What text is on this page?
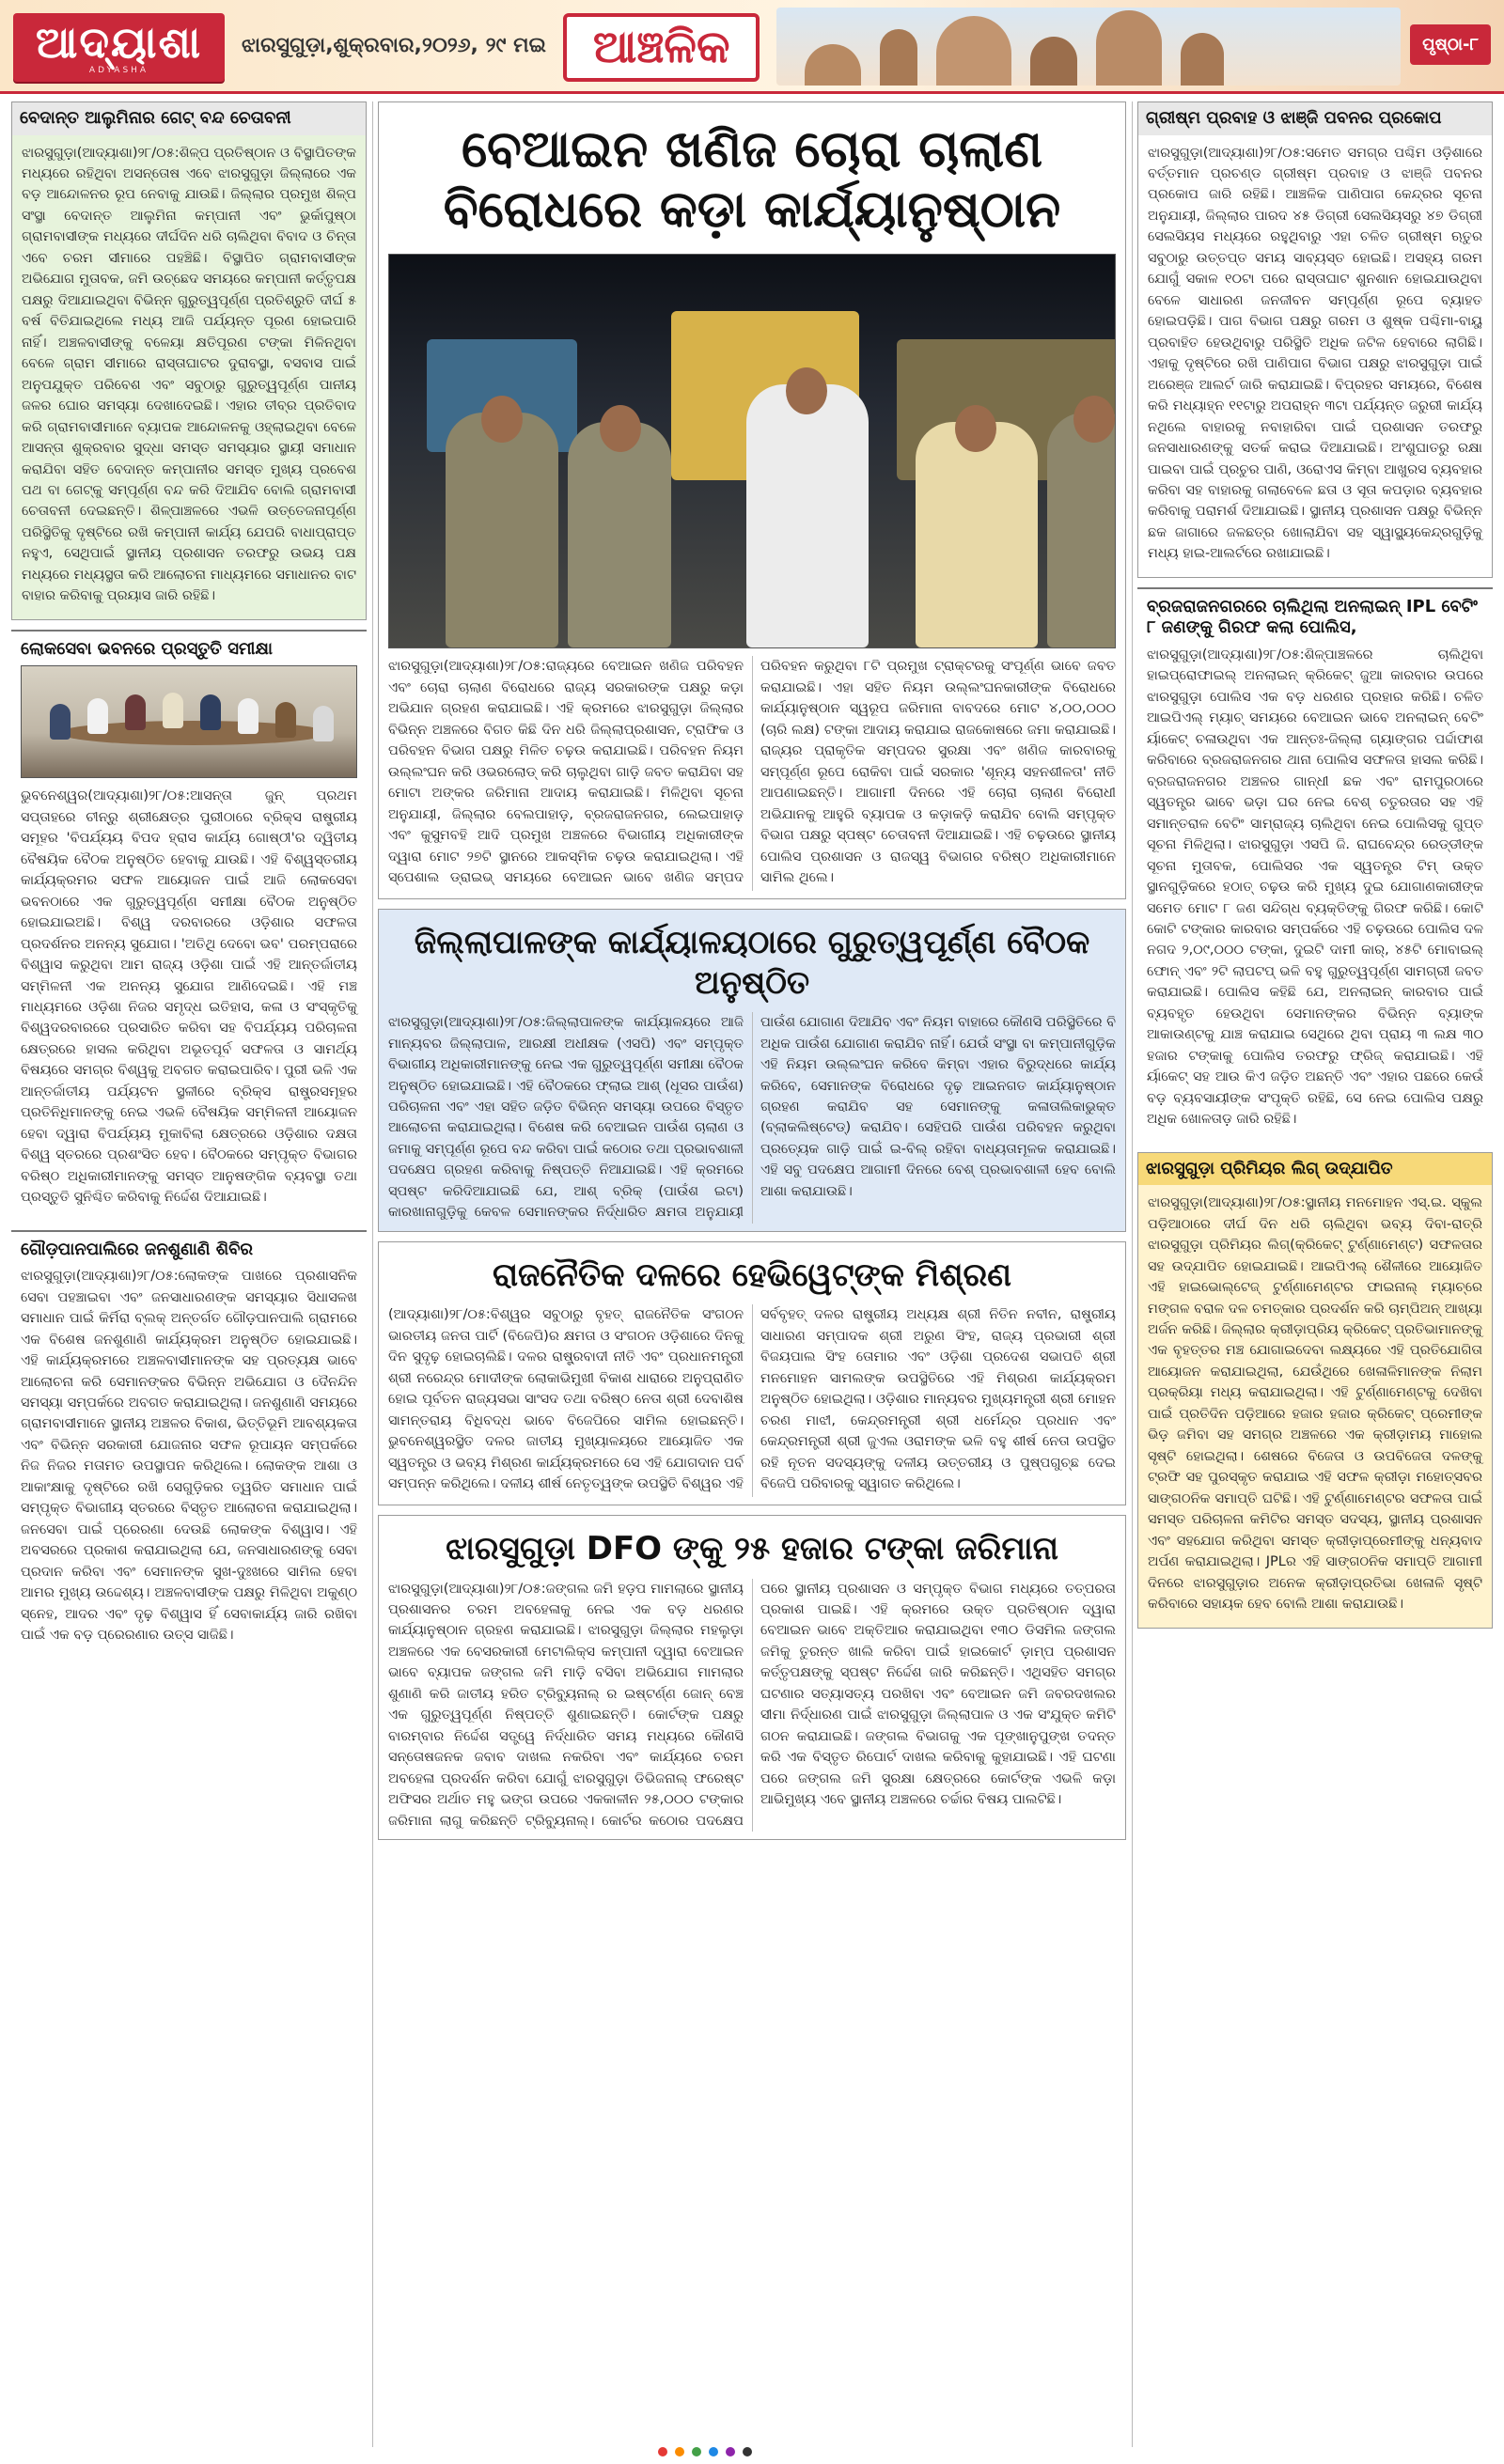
ଆଦ୍ୟାଶା
ADYASHA
ଝାରସୁଗୁଡ଼ା,ଶୁକ୍ରବାର,୨୦୨୬, ୨୯ ମଇ	ଆଞ୍ଚଳିକ	ପୃଷ୍ଠା-୮
ବେଦାନ୍ତ ଆଲୁମିନାର ଗେଟ୍ ବନ୍ଦ ଚେତାବନୀ

ଝାରସୁଗୁଡ଼ା(ଆଦ୍ୟାଶା)୨୮/୦୫:ଶିଳ୍ପ ପ୍ରତିଷ୍ଠାନ ଓ ବିସ୍ଥାପିତଙ୍କ ମଧ୍ୟରେ ରହିଥିବା ଅସନ୍ତୋଷ ଏବେ ଝାରସୁଗୁଡ଼ା ଜିଲ୍ଲାରେ ଏକ ବଡ଼ ଆନ୍ଦୋଳନର ରୂପ ନେବାକୁ ଯାଉଛି। ଜିଲ୍ଲାର ପ୍ରମୁଖ ଶିଳ୍ପ ସଂସ୍ଥା ବେଦାନ୍ତ ଆଲୁମିନା କମ୍ପାନୀ ଏବଂ ଭୁର୍କାପୁଷ୍ଠା ଗ୍ରାମବାସୀଙ୍କ ମଧ୍ୟରେ ଦୀର୍ଘଦିନ ଧରି ଚାଲିଥିବା ବିବାଦ ଓ ଚିନ୍ତା ଏବେ ଚରମ ସୀମାରେ ପହଞ୍ଚିଛି। ବିସ୍ଥାପିତ ଗ୍ରାମବାସୀଙ୍କ ଅଭିଯୋଗ ମୁତାବକ, ଜମି ଉଚ୍ଛେଦ ସମୟରେ କମ୍ପାନୀ କର୍ତ୍ତୃପକ୍ଷ ପକ୍ଷରୁ ଦିଆଯାଇଥିବା ବିଭିନ୍ନ ଗୁରୁତ୍ୱପୂର୍ଣ୍ଣ ପ୍ରତିଶ୍ରୁତି ଦୀର୍ଘ ୫ ବର୍ଷ ବିତିଯାଇଥିଲେ ମଧ୍ୟ ଆଜି ପର୍ଯ୍ୟନ୍ତ ପୂରଣ ହୋଇପାରି ନାହିଁ। ଅଞ୍ଚଳବାସୀଙ୍କୁ ବଳେୟା କ୍ଷତିପୂରଣ ଟଙ୍କା ମିଳିନଥିବା ବେଳେ ଗ୍ରାମ ସୀମାରେ ରାସ୍ତାଘାଟର ଦୁରାବସ୍ଥା, ବସବାସ ପାଇଁ ଅନୁପଯୁକ୍ତ ପରିବେଶ ଏବଂ ସବୁଠାରୁ ଗୁରୁତ୍ୱପୂର୍ଣ୍ଣ ପାନୀୟ ଜଳର ଘୋର ସମସ୍ୟା ଦେଖାଦେଇଛି। ଏହାର ତୀବ୍ର ପ୍ରତିବାଦ କରି ଗ୍ରାମବାସୀମାନେ ବ୍ୟାପକ ଆନ୍ଦୋଳନକୁ ଓହ୍ଲାଇଥିବା ବେଳେ ଆସନ୍ତା ଶୁକ୍ରବାର ସୁଦ୍ଧା ସମସ୍ତ ସମସ୍ୟାର ସ୍ଥାୟୀ ସମାଧାନ କରାଯିବା ସହିତ ବେଦାନ୍ତ କମ୍ପାନୀର ସମସ୍ତ ମୁଖ୍ୟ ପ୍ରବେଶ ପଥ ବା ଗେଟ୍‌କୁ ସମ୍ପୂର୍ଣ୍ଣ ବନ୍ଦ କରି ଦିଆଯିବ ବୋଲି ଗ୍ରାମବାସୀ ଚେତାବନୀ ଦେଇଛନ୍ତି। ଶିଳ୍ପାଞ୍ଚଳରେ ଏଭଳି ଉତ୍ତେଜନାପୂର୍ଣ୍ଣ ପରିସ୍ଥିତିକୁ ଦୃଷ୍ଟିରେ ରଖି କମ୍ପାନୀ କାର୍ଯ୍ୟ ଯେପରି ବାଧାପ୍ରାପ୍ତ ନହୁଏ, ସେଥିପାଇଁ ସ୍ଥାନୀୟ ପ୍ରଶାସନ ତରଫରୁ ଉଭୟ ପକ୍ଷ ମଧ୍ୟରେ ମଧ୍ୟସ୍ଥତା କରି ଆଲୋଚନା ମାଧ୍ୟମରେ ସମାଧାନର ବାଟ ବାହାର କରିବାକୁ ପ୍ରୟାସ ଜାରି ରହିଛି।

ଲୋକସେବା ଭବନରେ ପ୍ରସ୍ତୁତି ସମୀକ୍ଷା

ଭୁବନେଶ୍ୱର(ଆଦ୍ୟାଶା)୨୮/୦୫:ଆସନ୍ତା ଜୁନ୍ ପ୍ରଥମ ସପ୍ତାହରେ ଚୀନ୍‌ରୁ ଶ୍ରୀକ୍ଷେତ୍ର ପୁରୀଠାରେ ବ୍ରିକ୍ସ ରାଷ୍ଟ୍ରୀୟ ସମୂହର 'ବିପର୍ଯ୍ୟୟ ବିପଦ ହ୍ରାସ କାର୍ଯ୍ୟ ଗୋଷ୍ଠୀ'ର ଦ୍ୱିତୀୟ ବୈଷୟିକ ବୈଠକ ଅନୁଷ୍ଠିତ ହେବାକୁ ଯାଉଛି। ଏହି ବିଶ୍ୱସ୍ତରୀୟ କାର୍ଯ୍ୟକ୍ରମର ସଫଳ ଆୟୋଜନ ପାଇଁ ଆଜି ଲୋକସେବା ଭବନଠାରେ ଏକ ଗୁରୁତ୍ୱପୂର୍ଣ୍ଣ ସମୀକ୍ଷା ବୈଠକ ଅନୁଷ୍ଠିତ ହୋଇଯାଇଅଛି। ବିଶ୍ୱ ଦରବାରରେ ଓଡ଼ିଶାର ସଫଳତା ପ୍ରଦର୍ଶନର ଅନନ୍ୟ ସୁଯୋଗ। 'ଅତିଥି ଦେବୋ ଭବ' ପରମ୍ପରାରେ ବିଶ୍ୱାସ କରୁଥିବା ଆମ ରାଜ୍ୟ ଓଡ଼ିଶା ପାଇଁ ଏହି ଆନ୍ତର୍ଜାତୀୟ ସମ୍ମିଳନୀ ଏକ ଅନନ୍ୟ ସୁଯୋଗ ଆଣିଦେଇଛି। ଏହି ମଞ୍ଚ ମାଧ୍ୟମରେ ଓଡ଼ିଶା ନିଜର ସମୃଦ୍ଧ ଇତିହାସ, କଳା ଓ ସଂସ୍କୃତିକୁ ବିଶ୍ୱଦରବାରରେ ପ୍ରସାରିତ କରିବା ସହ ବିପର୍ଯ୍ୟୟ ପରିଚାଳନା କ୍ଷେତ୍ରରେ ହାସଲ କରିଥିବା ଅଭୂତପୂର୍ବ ସଫଳତା ଓ ସାମର୍ଥ୍ୟ ବିଷୟରେ ସମଗ୍ର ବିଶ୍ୱକୁ ଅବଗତ କରାଇପାରିବ। ପୁରୀ ଭଳି ଏକ ଆନ୍ତର୍ଜାତୀୟ ପର୍ଯ୍ୟଟନ ସ୍ଥଳୀରେ ବ୍ରିକ୍ସ ରାଷ୍ଟ୍ରସମୂହର ପ୍ରତିନିଧିମାନଙ୍କୁ ନେଇ ଏଭଳି ବୈଷୟିକ ସମ୍ମିଳନୀ ଆୟୋଜନ ହେବା ଦ୍ୱାରା ବିପର୍ଯ୍ୟୟ ମୁକାବିଲା କ୍ଷେତ୍ରରେ ଓଡ଼ିଶାର ଦକ୍ଷତା ବିଶ୍ୱ ସ୍ତରରେ ପ୍ରଶଂସିତ ହେବ। ବୈଠକରେ ସମ୍ପୃକ୍ତ ବିଭାଗର ବରିଷ୍ଠ ଅଧିକାରୀମାନଙ୍କୁ ସମସ୍ତ ଆନୁଷଙ୍ଗିକ ବ୍ୟବସ୍ଥା ତଥା ପ୍ରସ୍ତୁତି ସୁନିଶ୍ଚିତ କରିବାକୁ ନିର୍ଦ୍ଦେଶ ଦିଆଯାଇଛି।

ଗୌଡ଼ପାନପାଲିରେ ଜନଶୁଣାଣି ଶିବିର

ଝାରସୁଗୁଡ଼ା(ଆଦ୍ୟାଶା)୨୮/୦୫:ଲୋକଙ୍କ ପାଖରେ ପ୍ରଶାସନିକ ସେବା ପହଞ୍ଚାଇବା ଏବଂ ଜନସାଧାରଣଙ୍କ ସମସ୍ୟାର ସିଧାସଳଖ ସମାଧାନ ପାଇଁ କିର୍ମିରା ବ୍ଲକ୍ ଅନ୍ତର୍ଗତ ଗୌଡ଼ପାନପାଲି ଗ୍ରାମରେ ଏକ ବିଶେଷ ଜନଶୁଣାଣି କାର୍ଯ୍ୟକ୍ରମ ଅନୁଷ୍ଠିତ ହୋଇଯାଇଛି। ଏହି କାର୍ଯ୍ୟକ୍ରମରେ ଅଞ୍ଚଳବାସୀମାନଙ୍କ ସହ ପ୍ରତ୍ୟକ୍ଷ ଭାବେ ଆଲୋଚନା କରି ସେମାନଙ୍କର ବିଭିନ୍ନ ଅଭିଯୋଗ ଓ ଦୈନନ୍ଦିନ ସମସ୍ୟା ସମ୍ପର୍କରେ ଅବଗତ କରାଯାଇଥିଲା। ଜନଶୁଣାଣି ସମୟରେ ଗ୍ରାମବାସୀମାନେ ସ୍ଥାନୀୟ ଅଞ୍ଚଳର ବିକାଶ, ଭିତ୍ତିଭୂମି ଆବଶ୍ୟକତା ଏବଂ ବିଭିନ୍ନ ସରକାରୀ ଯୋଜନାର ସଫଳ ରୂପାୟନ ସମ୍ପର୍କରେ ନିଜ ନିଜର ମତାମତ ଉପସ୍ଥାପନ କରିଥିଲେ। ଲୋକଙ୍କ ଆଶା ଓ ଆକାଂକ୍ଷାକୁ ଦୃଷ୍ଟିରେ ରଖି ସେଗୁଡ଼ିକର ତ୍ୱରିତ ସମାଧାନ ପାଇଁ ସମ୍ପୃକ୍ତ ବିଭାଗୀୟ ସ୍ତରରେ ବିସ୍ତୃତ ଆଲୋଚନା କରାଯାଇଥିଲା। ଜନସେବା ପାଇଁ ପ୍ରେରଣା ଦେଉଛି ଲୋକଙ୍କ ବିଶ୍ୱାସ। ଏହି ଅବସରରେ ପ୍ରକାଶ କରାଯାଇଥିଲା ଯେ, ଜନସାଧାରଣଙ୍କୁ ସେବା ପ୍ରଦାନ କରିବା ଏବଂ ସେମାନଙ୍କ ସୁଖ-ଦୁଃଖରେ ସାମିଲ ହେବା ଆମର ମୁଖ୍ୟ ଉଦ୍ଦେଶ୍ୟ। ଅଞ୍ଚଳବାସୀଙ୍କ ପକ୍ଷରୁ ମିଳିଥିବା ଅକୁଣ୍ଠ ସ୍ନେହ, ଆଦର ଏବଂ ଦୃଢ଼ ବିଶ୍ୱାସ ହିଁ ସେବାକାର୍ଯ୍ୟ ଜାରି ରଖିବା ପାଇଁ ଏକ ବଡ଼ ପ୍ରେରଣାର ଉତ୍ସ ସାଜିଛି।

ବେଆଇନ ଖଣିଜ ଚୋରା ଚାଲାଣ
ବିରୋଧରେ କଡ଼ା କାର୍ଯ୍ୟାନୁଷ୍ଠାନ

ଝାରସୁଗୁଡ଼ା(ଆଦ୍ୟାଶା)୨୮/୦୫:ରାଜ୍ୟରେ ବେଆଇନ ଖଣିଜ ପରିବହନ ଏବଂ ଚୋରା ଚାଲାଣ ବିରୋଧରେ ରାଜ୍ୟ ସରକାରଙ୍କ ପକ୍ଷରୁ କଡ଼ା ଅଭିଯାନ ଗ୍ରହଣ କରାଯାଇଛି। ଏହି କ୍ରମରେ ଝାରସୁଗୁଡ଼ା ଜିଲ୍ଲାର ବିଭିନ୍ନ ଅଞ୍ଚଳରେ ବିଗତ କିଛି ଦିନ ଧରି ଜିଲ୍ଲାପ୍ରଶାସନ, ଟ୍ରାଫିକ ଓ ପରିବହନ ବିଭାଗ ପକ୍ଷରୁ ମିଳିତ ଚଢ଼ଉ କରାଯାଇଛି। ପରିବହନ ନିୟମ ଉଲ୍ଲଂଘନ କରି ଓଭରଲୋଡ୍ କରି ଚାଲୁଥିବା ଗାଡ଼ି ଜବତ କରାଯିବା ସହ ମୋଟା ଅଙ୍କର ଜରିମାନା ଆଦାୟ କରାଯାଇଛି। ମିଳିଥିବା ସୂଚନା ଅନୁଯାୟୀ, ଜିଲ୍ଲାର ବେଲପାହାଡ଼, ବ୍ରଜରାଜନଗର, ଲେଇପାହାଡ଼ ଏବଂ କୁସୁମବହି ଆଦି ପ୍ରମୁଖ ଅଞ୍ଚଳରେ ବିଭାଗୀୟ ଅଧିକାରୀଙ୍କ ଦ୍ୱାରା ମୋଟ ୨୭ଟି ସ୍ଥାନରେ ଆକସ୍ମିକ ଚଢ଼ଉ କରାଯାଇଥିଲା। ଏହି ସ୍ପେଶାଲ ଡ୍ରାଇଭ୍ ସମୟରେ ବେଆଇନ ଭାବେ ଖଣିଜ ସମ୍ପଦ ପରିବହନ କରୁଥିବା ୮ଟି ପ୍ରମୁଖ ଟ୍ରାକ୍ଟରକୁ ସଂପୂର୍ଣ୍ଣ ଭାବେ ଜବତ କରାଯାଇଛି। ଏହା ସହିତ ନିୟମ ଉଲ୍ଲଂଘନକାରୀଙ୍କ ବିରୋଧରେ କାର୍ଯ୍ୟାନୁଷ୍ଠାନ ସ୍ୱରୂପ ଜରିମାନା ବାବଦରେ ମୋଟ ୪,୦୦,୦୦୦ (ଚାରି ଲକ୍ଷ) ଟଙ୍କା ଆଦାୟ କରାଯାଇ ରାଜକୋଷରେ ଜମା କରାଯାଇଛି। ରାଜ୍ୟର ପ୍ରାକୃତିକ ସମ୍ପଦର ସୁରକ୍ଷା ଏବଂ ଖଣିଜ କାରବାରକୁ ସମ୍ପୂର୍ଣ୍ଣ ରୂପେ ରୋକିବା ପାଇଁ ସରକାର 'ଶୂନ୍ୟ ସହନଶୀଳତା' ନୀତି ଆପଣାଇଛନ୍ତି। ଆଗାମୀ ଦିନରେ ଏହି ଚୋରା ଚାଲାଣ ବିରୋଧୀ ଅଭିଯାନକୁ ଆହୁରି ବ୍ୟାପକ ଓ କଡ଼ାକଡ଼ି କରାଯିବ ବୋଲି ସମ୍ପୃକ୍ତ ବିଭାଗ ପକ୍ଷରୁ ସ୍ପଷ୍ଟ ଚେତାବନୀ ଦିଆଯାଇଛି। ଏହି ଚଢ଼ଉରେ ସ୍ଥାନୀୟ ପୋଲିସ ପ୍ରଶାସନ ଓ ରାଜସ୍ୱ ବିଭାଗର ବରିଷ୍ଠ ଅଧିକାରୀମାନେ ସାମିଲ ଥିଲେ।

ଜିଲ୍ଲାପାଳଙ୍କ କାର୍ଯ୍ୟାଳୟଠାରେ ଗୁରୁତ୍ୱପୂର୍ଣ୍ଣ ବୈଠକ ଅନୁଷ୍ଠିତ

ଝାରସୁଗୁଡ଼ା(ଆଦ୍ୟାଶା)୨୮/୦୫:ଜିଲ୍ଲାପାଳଙ୍କ କାର୍ଯ୍ୟାଳୟରେ ଆଜି ମାନ୍ୟବର ଜିଲ୍ଲାପାଳ, ଆରକ୍ଷୀ ଅଧୀକ୍ଷକ (ଏସପି) ଏବଂ ସମ୍ପୃକ୍ତ ବିଭାଗୀୟ ଅଧିକାରୀମାନଙ୍କୁ ନେଇ ଏକ ଗୁରୁତ୍ୱପୂର୍ଣ୍ଣ ସମୀକ୍ଷା ବୈଠକ ଅନୁଷ୍ଠିତ ହୋଇଯାଇଛି। ଏହି ବୈଠକରେ ଫ୍ଲାଇ ଆଶ୍ (ଧୂସର ପାଉଁଶ) ପରିଚାଳନା ଏବଂ ଏହା ସହିତ ଜଡ଼ିତ ବିଭିନ୍ନ ସମସ୍ୟା ଉପରେ ବିସ୍ତୃତ ଆଲୋଚନା କରାଯାଇଥିଲା। ବିଶେଷ କରି ବେଆଇନ ପାଉଁଶ ଚାଲାଣ ଓ ଜମାକୁ ସମ୍ପୂର୍ଣ୍ଣ ରୂପେ ବନ୍ଦ କରିବା ପାଇଁ କଠୋର ତଥା ପ୍ରଭାବଶାଳୀ ପଦକ୍ଷେପ ଗ୍ରହଣ କରିବାକୁ ନିଷ୍ପତ୍ତି ନିଆଯାଇଛି। ଏହି କ୍ରମରେ ସ୍ପଷ୍ଟ କରିଦିଆଯାଇଛି ଯେ, ଆଶ୍ ବ୍ରିକ୍ (ପାଉଁଶ ଇଟା) କାରଖାନାଗୁଡ଼ିକୁ କେବଳ ସେମାନଙ୍କର ନିର୍ଦ୍ଧାରିତ କ୍ଷମତା ଅନୁଯାୟୀ ପାଉଁଶ ଯୋଗାଣ ଦିଆଯିବ ଏବଂ ନିୟମ ବାହାରେ କୌଣସି ପରିସ୍ଥିତିରେ ବି ଅଧିକ ପାଉଁଶ ଯୋଗାଣ କରାଯିବ ନାହିଁ। ଯେଉଁ ସଂସ୍ଥା ବା କମ୍ପାନୀଗୁଡ଼ିକ ଏହି ନିୟମ ଉଲ୍ଲଂଘନ କରିବେ କିମ୍ବା ଏହାର ବିରୁଦ୍ଧରେ କାର୍ଯ୍ୟ କରିବେ, ସେମାନଙ୍କ ବିରୋଧରେ ଦୃଢ଼ ଆଇନଗତ କାର୍ଯ୍ୟାନୁଷ୍ଠାନ ଗ୍ରହଣ କରାଯିବ ସହ ସେମାନଙ୍କୁ କଳାତାଲିକାଭୁକ୍ତ (ବ୍ଲାକଲିଷ୍ଟେଡ୍) କରାଯିବ। ସେହିପରି ପାଉଁଶ ପରିବହନ କରୁଥିବା ପ୍ରତ୍ୟେକ ଗାଡ଼ି ପାଇଁ ଇ-ବିଲ୍ ରହିବା ବାଧ୍ୟତାମୂଳକ କରାଯାଇଛି। ଏହି ସବୁ ପଦକ୍ଷେପ ଆଗାମୀ ଦିନରେ ବେଶ୍ ପ୍ରଭାବଶାଳୀ ହେବ ବୋଲି ଆଶା କରାଯାଉଛି।

ରାଜନୈତିକ ଦଳରେ ହେଭିୱେଟ୍‌ଙ୍କ ମିଶ୍ରଣ

(ଆଦ୍ୟାଶା)୨୮/୦୫:ବିଶ୍ୱର ସବୁଠାରୁ ବୃହତ୍ ରାଜନୈତିକ ସଂଗଠନ ଭାରତୀୟ ଜନତା ପାର୍ଟି (ବିଜେପି)ର କ୍ଷମତା ଓ ସଂଗଠନ ଓଡ଼ିଶାରେ ଦିନକୁ ଦିନ ସୁଦୃଢ଼ ହୋଇଚାଲିଛି। ଦଳର ରାଷ୍ଟ୍ରବାଦୀ ନୀତି ଏବଂ ପ୍ରଧାନମନ୍ତ୍ରୀ ଶ୍ରୀ ନରେନ୍ଦ୍ର ମୋଦୀଙ୍କ ଲୋକାଭିମୁଖୀ ବିକାଶ ଧାରାରେ ଅନୁପ୍ରାଣିତ ହୋଇ ପୂର୍ବତନ ରାଜ୍ୟସଭା ସାଂସଦ ତଥା ବରିଷ୍ଠ ନେତା ଶ୍ରୀ ଦେବାଶିଷ ସାମନ୍ତରାୟ ବିଧିବଦ୍ଧ ଭାବେ ବିଜେପିରେ ସାମିଲ ହୋଇଛନ୍ତି। ଭୁବନେଶ୍ୱରସ୍ଥିତ ଦଳର ଜାତୀୟ ମୁଖ୍ୟାଳୟରେ ଆୟୋଜିତ ଏକ ସ୍ୱତନ୍ତ୍ର ଓ ଭବ୍ୟ ମିଶ୍ରଣ କାର୍ଯ୍ୟକ୍ରମରେ ସେ ଏହି ଯୋଗଦାନ ପର୍ବ ସମ୍ପନ୍ନ କରିଥିଲେ। ଦଳୀୟ ଶୀର୍ଷ ନେତୃତ୍ୱଙ୍କ ଉପସ୍ଥିତି ବିଶ୍ୱର ଏହି ସର୍ବବୃହତ୍ ଦଳର ରାଷ୍ଟ୍ରୀୟ ଅଧ୍ୟକ୍ଷ ଶ୍ରୀ ନିତିନ ନବୀନ, ରାଷ୍ଟ୍ରୀୟ ସାଧାରଣ ସମ୍ପାଦକ ଶ୍ରୀ ଅରୁଣ ସିଂହ, ରାଜ୍ୟ ପ୍ରଭାରୀ ଶ୍ରୀ ବିଜୟପାଲ ସିଂହ ତୋମାର ଏବଂ ଓଡ଼ିଶା ପ୍ରଦେଶ ସଭାପତି ଶ୍ରୀ ମନମୋହନ ସାମଲଙ୍କ ଉପସ୍ଥିତିରେ ଏହି ମିଶ୍ରଣ କାର୍ଯ୍ୟକ୍ରମ ଅନୁଷ୍ଠିତ ହୋଇଥିଲା। ଓଡ଼ିଶାର ମାନ୍ୟବର ମୁଖ୍ୟମନ୍ତ୍ରୀ ଶ୍ରୀ ମୋହନ ଚରଣ ମାଝୀ, କେନ୍ଦ୍ରମନ୍ତ୍ରୀ ଶ୍ରୀ ଧର୍ମେନ୍ଦ୍ର ପ୍ରଧାନ ଏବଂ କେନ୍ଦ୍ରମନ୍ତ୍ରୀ ଶ୍ରୀ ଜୁଏଲ ଓରାମଙ୍କ ଭଳି ବହୁ ଶୀର୍ଷ ନେତା ଉପସ୍ଥିତ ରହି ନୂତନ ସଦସ୍ୟଙ୍କୁ ଦଳୀୟ ଉତ୍ତରୀୟ ଓ ପୁଷ୍ପଗୁଚ୍ଛ ଦେଇ ବିଜେପି ପରିବାରକୁ ସ୍ୱାଗତ କରିଥିଲେ।

ଝାରସୁଗୁଡ଼ା DFO ଙ୍କୁ ୨୫ ହଜାର ଟଙ୍କା ଜରିମାନା

ଝାରସୁଗୁଡ଼ା(ଆଦ୍ୟାଶା)୨୮/୦୫:ଜଙ୍ଗଲ ଜମି ହଡ଼ପ ମାମଲାରେ ସ୍ଥାନୀୟ ପ୍ରଶାସନର ଚରମ ଅବହେଳାକୁ ନେଇ ଏକ ବଡ଼ ଧରଣର କାର୍ଯ୍ୟାନୁଷ୍ଠାନ ଗ୍ରହଣ କରାଯାଇଛି। ଝାରସୁଗୁଡ଼ା ଜିଲ୍ଲାର ମହଲୁଡ଼ା ଅଞ୍ଚଳରେ ଏକ ବେସରକାରୀ ମେଟାଲିକ୍ସ କମ୍ପାନୀ ଦ୍ୱାରା ବେଆଇନ ଭାବେ ବ୍ୟାପକ ଜଙ୍ଗଲ ଜମି ମାଡ଼ି ବସିବା ଅଭିଯୋଗ ମାମଲାର ଶୁଣାଣି କରି ଜାତୀୟ ହରିତ ଟ୍ରିବ୍ୟୁନାଲ୍ ର ଇଷ୍ଟର୍ଣ୍ଣ ଜୋନ୍ ବେଞ୍ଚ ଏକ ଗୁରୁତ୍ୱପୂର୍ଣ୍ଣ ନିଷ୍ପତ୍ତି ଶୁଣାଇଛନ୍ତି। କୋର୍ଟଙ୍କ ପକ୍ଷରୁ ବାରମ୍ବାର ନିର୍ଦ୍ଦେଶ ସତ୍ତ୍ୱେ ନିର୍ଦ୍ଧାରିତ ସମୟ ମଧ୍ୟରେ କୌଣସି ସନ୍ତୋଷଜନକ ଜବାବ ଦାଖଲ ନକରିବା ଏବଂ କାର୍ଯ୍ୟରେ ଚରମ ଅବହେଳା ପ୍ରଦର୍ଶନ କରିବା ଯୋଗୁଁ ଝାରସୁଗୁଡ଼ା ଡିଭିଜନାଲ୍ ଫରେଷ୍ଟ ଅଫିସର ଅର୍ଥାତ ମହୁ ଭଙ୍ଗ ଉପରେ ଏକକାଳୀନ ୨୫,୦୦୦ ଟଙ୍କାର ଜରିମାନା ଲାଗୁ କରିଛନ୍ତି ଟ୍ରିବ୍ୟୁନାଲ୍। କୋର୍ଟର କଠୋର ପଦକ୍ଷେପ ପରେ ସ୍ଥାନୀୟ ପ୍ରଶାସନ ଓ ସମ୍ପୃକ୍ତ ବିଭାଗ ମଧ୍ୟରେ ତତ୍ପରତା ପ୍ରକାଶ ପାଇଛି। ଏହି କ୍ରମରେ ଉକ୍ତ ପ୍ରତିଷ୍ଠାନ ଦ୍ୱାରା ବେଆଇନ ଭାବେ ଅକ୍ତିଆର କରାଯାଇଥିବା ୧୩୦ ଡିସମିଲ ଜଙ୍ଗଲ ଜମିକୁ ତୁରନ୍ତ ଖାଲି କରିବା ପାଇଁ ହାଇକୋର୍ଟ ଡ଼ାମ୍ପ ପ୍ରଶାସନ କର୍ତ୍ତୃପକ୍ଷଙ୍କୁ ସ୍ପଷ୍ଟ ନିର୍ଦ୍ଦେଶ ଜାରି କରିଛନ୍ତି। ଏଥିସହିତ ସମଗ୍ର ଘଟଣାର ସତ୍ୟାସତ୍ୟ ପରଖିବା ଏବଂ ବେଆଇନ ଜମି ଜବରଦଖଲର ସୀମା ନିର୍ଦ୍ଧାରଣ ପାଇଁ ଝାରସୁଗୁଡ଼ା ଜିଲ୍ଲାପାଳ ଓ ଏକ ସଂଯୁକ୍ତ କମିଟି ଗଠନ କରାଯାଇଛି। ଜଙ୍ଗଲ ବିଭାଗକୁ ଏକ ପୂଙ୍ଖାନୁପୁଙ୍ଖ ତଦନ୍ତ କରି ଏକ ବିସ୍ତୃତ ରିପୋର୍ଟ ଦାଖଲ କରିବାକୁ କୁହାଯାଇଛି। ଏହି ଘଟଣା ପରେ ଜଙ୍ଗଲ ଜମି ସୁରକ୍ଷା କ୍ଷେତ୍ରରେ କୋର୍ଟଙ୍କ ଏଭଳି କଡ଼ା ଆଭିମୁଖ୍ୟ ଏବେ ସ୍ଥାନୀୟ ଅଞ୍ଚଳରେ ଚର୍ଚ୍ଚାର ବିଷୟ ପାଲଟିଛି।

ଗ୍ରୀଷ୍ମ ପ୍ରବାହ ଓ ଝାଞ୍ଜି ପବନର ପ୍ରକୋପ

ଝାରସୁଗୁଡ଼ା(ଆଦ୍ୟାଶା)୨୮/୦୫:ସମେତ ସମଗ୍ର ପଶ୍ଚିମ ଓଡ଼ିଶାରେ ବର୍ତ୍ତମାନ ପ୍ରଚଣ୍ଡ ଗ୍ରୀଷ୍ମ ପ୍ରବାହ ଓ ଝାଞ୍ଜି ପବନର ପ୍ରକୋପ ଜାରି ରହିଛି। ଆଞ୍ଚଳିକ ପାଣିପାଗ କେନ୍ଦ୍ରର ସୂଚନା ଅନୁଯାୟୀ, ଜିଲ୍ଲାର ପାରଦ ୪୫ ଡିଗ୍ରୀ ସେଲସିୟସରୁ ୪୭ ଡିଗ୍ରୀ ସେଲସିୟସ ମଧ୍ୟରେ ରହୁଥିବାରୁ ଏହା ଚଳିତ ଗ୍ରୀଷ୍ମ ଋତୁର ସବୁଠାରୁ ଉତ୍ତପ୍ତ ସମୟ ସାବ୍ୟସ୍ତ ହୋଇଛି। ଅସହ୍ୟ ଗରମ ଯୋଗୁଁ ସକାଳ ୧୦ଟା ପରେ ରାସ୍ତାଘାଟ ଶୁନଶାନ ହୋଇଯାଉଥିବା ବେଳେ ସାଧାରଣ ଜନଜୀବନ ସମ୍ପୂର୍ଣ୍ଣ ରୂପେ ବ୍ୟାହତ ହୋଇପଡ଼ିଛି। ପାଗ ବିଭାଗ ପକ୍ଷରୁ ଗରମ ଓ ଶୁଷ୍କ ପଶ୍ଚିମା-ବାୟୁ ପ୍ରବାହିତ ହେଉଥିବାରୁ ପରିସ୍ଥିତି ଅଧିକ ଜଟିଳ ହେବାରେ ଲାଗିଛି। ଏହାକୁ ଦୃଷ୍ଟିରେ ରଖି ପାଣିପାଗ ବିଭାଗ ପକ୍ଷରୁ ଝାରସୁଗୁଡ଼ା ପାଇଁ ଅରେଞ୍ଜ ଆଲର୍ଟ ଜାରି କରାଯାଇଛି। ବିପ୍ରହର ସମୟରେ, ବିଶେଷ କରି ମଧ୍ୟାହ୍ନ ୧୧ଟାରୁ ଅପରାହ୍ନ ୩ଟା ପର୍ଯ୍ୟନ୍ତ ଜରୁରୀ କାର୍ଯ୍ୟ ନଥିଲେ ବାହାରକୁ ନବାହାରିବା ପାଇଁ ପ୍ରଶାସନ ତରଫରୁ ଜନସାଧାରଣଙ୍କୁ ସତର୍କ କରାଇ ଦିଆଯାଇଛି। ଅଂଶୁଘାତରୁ ରକ୍ଷା ପାଇବା ପାଇଁ ପ୍ରଚୁର ପାଣି, ଓରୋଏସ କିମ୍ବା ଆଖୁରସ ବ୍ୟବହାର କରିବା ସହ ବାହାରକୁ ଗଲାବେଳେ ଛତା ଓ ସୂତା କପଡ଼ାର ବ୍ୟବହାର କରିବାକୁ ପରାମର୍ଶ ଦିଆଯାଇଛି। ସ୍ଥାନୀୟ ପ୍ରଶାସନ ପକ୍ଷରୁ ବିଭିନ୍ନ ଛକ ଜାଗାରେ ଜଳଛତ୍ର ଖୋଲାଯିବା ସହ ସ୍ୱାସ୍ଥ୍ୟକେନ୍ଦ୍ରଗୁଡ଼ିକୁ ମଧ୍ୟ ହାଇ-ଆଲର୍ଟରେ ରଖାଯାଇଛି।

ବ୍ରଜରାଜନଗରରେ ଚାଲିଥିଲା ଅନଲାଇନ୍ IPL ବେଟିଂ ୮ ଜଣଙ୍କୁ ଗିରଫ କଲା ପୋଲିସ,

ଝାରସୁଗୁଡ଼ା(ଆଦ୍ୟାଶା)୨୮/୦୫:ଶିଳ୍ପାଞ୍ଚଳରେ ଚାଲିଥିବା ହାଇପ୍ରୋଫାଇଲ୍ ଅନଲାଇନ୍ କ୍ରିକେଟ୍ ଜୁଆ କାରବାର ଉପରେ ଝାରସୁଗୁଡ଼ା ପୋଲିସ ଏକ ବଡ଼ ଧରଣର ପ୍ରହାର କରିଛି। ଚଳିତ ଆଇପିଏଲ୍ ମ୍ୟାଚ୍ ସମୟରେ ବେଆଇନ ଭାବେ ଅନଲାଇନ୍ ବେଟିଂ ର୍ୟାକେଟ୍ ଚଳାଉଥିବା ଏକ ଆନ୍ତଃ-ଜିଲ୍ଲା ଗ୍ୟାଙ୍ଗର ପର୍ଦ୍ଦାଫାଶ କରିବାରେ ବ୍ରଜରାଜନଗର ଥାନା ପୋଲିସ ସଫଳତା ହାସଲ କରିଛି। ବ୍ରଜରାଜନଗର ଅଞ୍ଚଳର ଗାନ୍ଧୀ ଛକ ଏବଂ ରାମପୁରଠାରେ ସ୍ୱତନ୍ତ୍ର ଭାବେ ଭଡ଼ା ଘର ନେଇ ବେଶ୍ ଚତୁରତାର ସହ ଏହି ସମାନ୍ତରାଳ ବେଟିଂ ସାମ୍ରାଜ୍ୟ ଚାଲିଥିବା ନେଇ ପୋଲିସକୁ ଗୁପ୍ତ ସୂଚନା ମିଳିଥିଲା। ଝାରସୁଗୁଡ଼ା ଏସପି ଜି. ରାଘବେନ୍ଦ୍ର ରେଡ୍ଡୀଙ୍କ ସୂଚନା ମୁତାବକ, ପୋଲିସର ଏକ ସ୍ୱତନ୍ତ୍ର ଟିମ୍ ଉକ୍ତ ସ୍ଥାନଗୁଡ଼ିକରେ ହଠାତ୍ ଚଢ଼ଉ କରି ମୁଖ୍ୟ ଦୁଇ ଯୋଗାଣକାରୀଙ୍କ ସମେତ ମୋଟ ୮ ଜଣ ସନ୍ଦିଗ୍ଧ ବ୍ୟକ୍ତିଙ୍କୁ ଗିରଫ କରିଛି। କୋଟି କୋଟି ଟଙ୍କାର କାରବାର ସମ୍ପର୍କରେ ଏହି ଚଢ଼ଉରେ ପୋଲିସ ଦଳ ନଗଦ ୨,୦୯,୦୦୦ ଟଙ୍କା, ଦୁଇଟି ଦାମୀ କାର୍, ୪୫ଟି ମୋବାଇଲ୍ ଫୋନ୍ ଏବଂ ୨ଟି ଲାପଟପ୍ ଭଳି ବହୁ ଗୁରୁତ୍ୱପୂର୍ଣ୍ଣ ସାମଗ୍ରୀ ଜବତ କରାଯାଇଛି। ପୋଲିସ କହିଛି ଯେ, ଅନଲାଇନ୍ କାରବାର ପାଇଁ ବ୍ୟବହୃତ ହେଉଥିବା ସେମାନଙ୍କର ବିଭିନ୍ନ ବ୍ୟାଙ୍କ ଆକାଉଣ୍ଟକୁ ଯାଞ୍ଚ କରାଯାଇ ସେଥିରେ ଥିବା ପ୍ରାୟ ୩ ଲକ୍ଷ ୩୦ ହଜାର ଟଙ୍କାକୁ ପୋଲିସ ତରଫରୁ ଫ୍ରିଜ୍ କରାଯାଇଛି। ଏହି ର୍ୟାକେଟ୍ ସହ ଆଉ କିଏ ଜଡ଼ିତ ଅଛନ୍ତି ଏବଂ ଏହାର ପଛରେ କେଉଁ ବଡ଼ ବ୍ୟବସାୟୀଙ୍କ ସଂପୃକ୍ତି ରହିଛି, ସେ ନେଇ ପୋଲିସ ପକ୍ଷରୁ ଅଧିକ ଖୋଳତାଡ଼ ଜାରି ରହିଛି।

ଝାରସୁଗୁଡ଼ା ପ୍ରିମିୟର ଲିଗ୍ ଉଦ୍‌ଯାପିତ

ଝାରସୁଗୁଡ଼ା(ଆଦ୍ୟାଶା)୨୮/୦୫:ସ୍ଥାନୀୟ ମନମୋହନ ଏସ୍.ଇ. ସ୍କୁଲ ପଡ଼ିଆଠାରେ ଦୀର୍ଘ ଦିନ ଧରି ଚାଲିଥିବା ଭବ୍ୟ ଦିବା-ରାତ୍ରି ଝାରସୁଗୁଡ଼ା ପ୍ରିମିୟର ଲିଗ୍(କ୍ରିକେଟ୍ ଟୁର୍ଣ୍ଣାମେଣ୍ଟ) ସଫଳତାର ସହ ଉଦ୍‌ଯାପିତ ହୋଇଯାଇଛି। ଆଇପିଏଲ୍ ଶୈଳୀରେ ଆୟୋଜିତ ଏହି ହାଇଭୋଲ୍ଟେଜ୍ ଟୁର୍ଣ୍ଣାମେଣ୍ଟର ଫାଇନାଲ୍ ମ୍ୟାଚ୍‌ରେ ମଙ୍ଗଳ ବରାଳ ଦଳ ଚମତ୍କାର ପ୍ରଦର୍ଶନ କରି ଚାମ୍ପିଅନ୍ ଆଖ୍ୟା ଅର୍ଜନ କରିଛି। ଜିଲ୍ଲାର କ୍ରୀଡ଼ାପ୍ରିୟ କ୍ରିକେଟ୍ ପ୍ରତିଭାମାନଙ୍କୁ ଏକ ବୃହତ୍ତର ମଞ୍ଚ ଯୋଗାଇଦେବା ଲକ୍ଷ୍ୟରେ ଏହି ପ୍ରତିଯୋଗିତା ଆୟୋଜନ କରାଯାଇଥିଲା, ଯେଉଁଥିରେ ଖେଳାଳିମାନଙ୍କ ନିଲାମ ପ୍ରକ୍ରିୟା ମଧ୍ୟ କରାଯାଇଥିଲା। ଏହି ଟୁର୍ଣ୍ଣାମେଣ୍ଟକୁ ଦେଖିବା ପାଇଁ ପ୍ରତିଦିନ ପଡ଼ିଆରେ ହଜାର ହଜାର କ୍ରିକେଟ୍ ପ୍ରେମୀଙ୍କ ଭିଡ଼ ଜମିବା ସହ ସମଗ୍ର ଅଞ୍ଚଳରେ ଏକ କ୍ରୀଡ଼ାମୟ ମାହୋଲ ସୃଷ୍ଟି ହୋଇଥିଲା। ଶେଷରେ ବିଜେତା ଓ ଉପବିଜେତା ଦଳଙ୍କୁ ଟ୍ରଫି ସହ ପୁରସ୍କୃତ କରାଯାଇ ଏହି ସଫଳ କ୍ରୀଡ଼ା ମହୋତ୍ସବର ସାଙ୍ଗଠନିକ ସମାପ୍ତି ଘଟିଛି। ଏହି ଟୁର୍ଣ୍ଣାମେଣ୍ଟର ସଫଳତା ପାଇଁ ସମସ୍ତ ପରିଚାଳନା କମିଟିର ସମସ୍ତ ସଦସ୍ୟ, ସ୍ଥାନୀୟ ପ୍ରଶାସନ ଏବଂ ସହଯୋଗ କରିଥିବା ସମସ୍ତ କ୍ରୀଡ଼ାପ୍ରେମୀଙ୍କୁ ଧନ୍ୟବାଦ ଅର୍ପଣ କରାଯାଇଥିଲା। JPLର ଏହି ସାଙ୍ଗଠନିକ ସମାପ୍ତି ଆଗାମୀ ଦିନରେ ଝାରସୁଗୁଡ଼ାର ଅନେକ କ୍ରୀଡ଼ାପ୍ରତିଭା ଖେଳାଳି ସୃଷ୍ଟି କରିବାରେ ସହାୟକ ହେବ ବୋଲି ଆଶା କରାଯାଉଛି।
